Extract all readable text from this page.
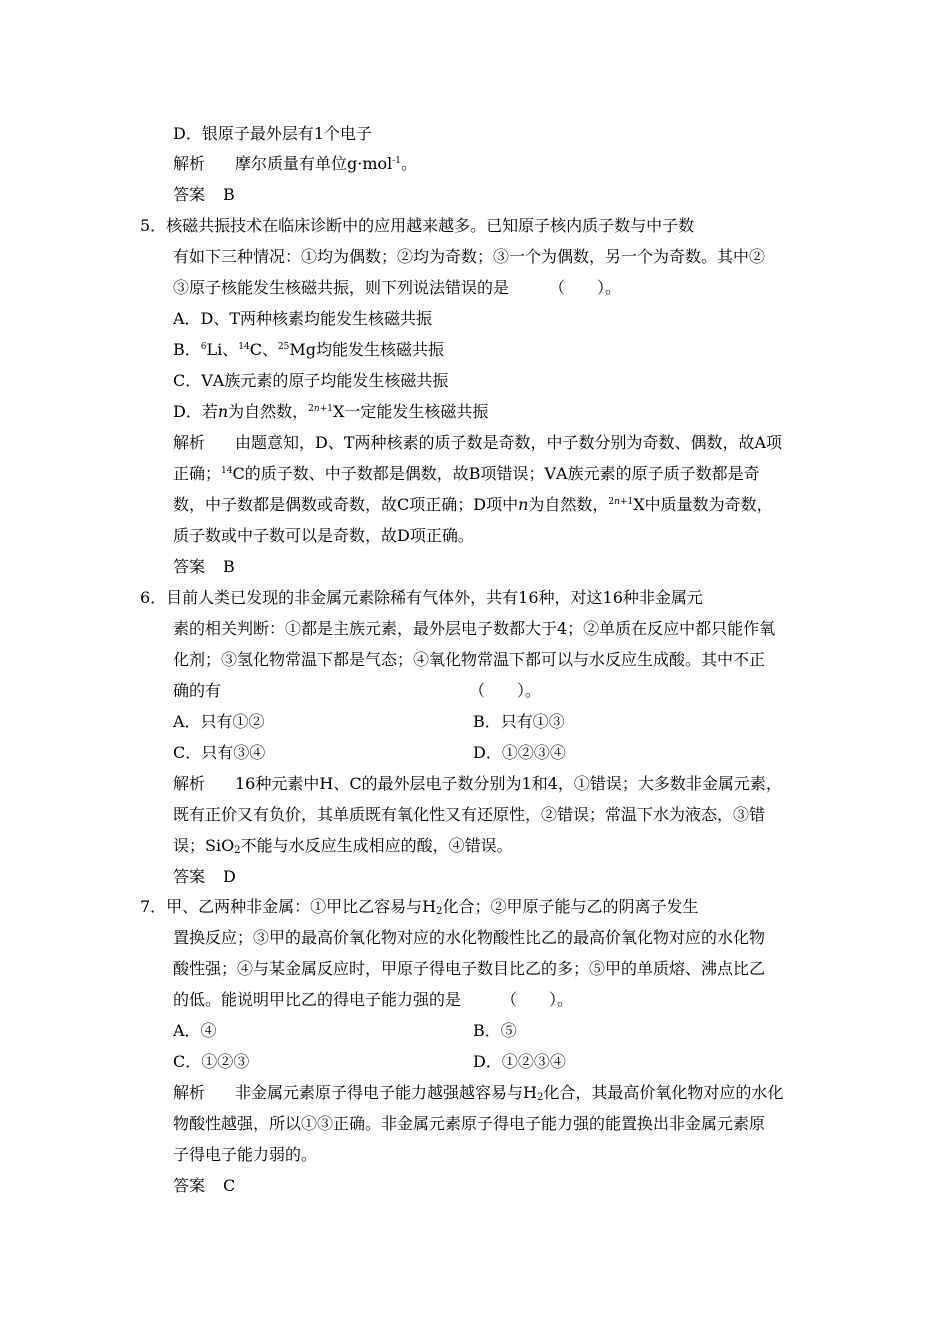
D．银原子最外层有1个电子
解析 摩尔质量有单位g·mol$^{-1}$。
答案 B
5．核磁共振技术在临床诊断中的应用越来越多。已知原子核内质子数与中子数
有如下三种情况：①均为偶数；②均为奇数；③一个为偶数，另一个为奇数。其中②
③原子核能发生核磁共振，则下列说法错误的是　　　（　　）。
A．D、T两种核素均能发生核磁共振
B．$^6$Li、$^{14}$C、$^{25}$Mg均能发生核磁共振
C．ⅤA族元素的原子均能发生核磁共振
D．若n为自然数，$^{2n+1}$X一定能发生核磁共振
解析 由题意知，D、T两种核素的质子数是奇数，中子数分别为奇数、偶数，故A项
正确；$^{14}$C的质子数、中子数都是偶数，故B项错误；ⅤA族元素的原子质子数都是奇
数，中子数都是偶数或奇数，故C项正确；D项中n为自然数，$^{2n+1}$X中质量数为奇数，
质子数或中子数可以是奇数，故D项正确。
答案 B
6．目前人类已发现的非金属元素除稀有气体外，共有16种，对这16种非金属元
素的相关判断：①都是主族元素，最外层电子数都大于4；②单质在反应中都只能作氧
化剂；③氢化物常温下都是气态；④氧化物常温下都可以与水反应生成酸。其中不正
确的有　　　　　　　　　　　　　　　　（　　）。
A．只有①②	B．只有①③
C．只有③④	D．①②③④
解析 16种元素中H、C的最外层电子数分别为1和4，①错误；大多数非金属元素，
既有正价又有负价，其单质既有氧化性又有还原性，②错误；常温下水为液态，③错
误；SiO$_2$不能与水反应生成相应的酸，④错误。
答案 D
7．甲、乙两种非金属：①甲比乙容易与$H_2$化合；②甲原子能与乙的阴离子发生
置换反应；③甲的最高价氧化物对应的水化物酸性比乙的最高价氧化物对应的水化物
酸性强；④与某金属反应时，甲原子得电子数目比乙的多；⑤甲的单质熔、沸点比乙
的低。能说明甲比乙的得电子能力强的是　　　（　　）。
A．④	B．⑤
C．①②③	D．①②③④
解析 非金属元素原子得电子能力越强越容易与$H_2$化合，其最高价氧化物对应的水化
物酸性越强，所以①③正确。非金属元素原子得电子能力强的能置换出非金属元素原
子得电子能力弱的。
答案 C
